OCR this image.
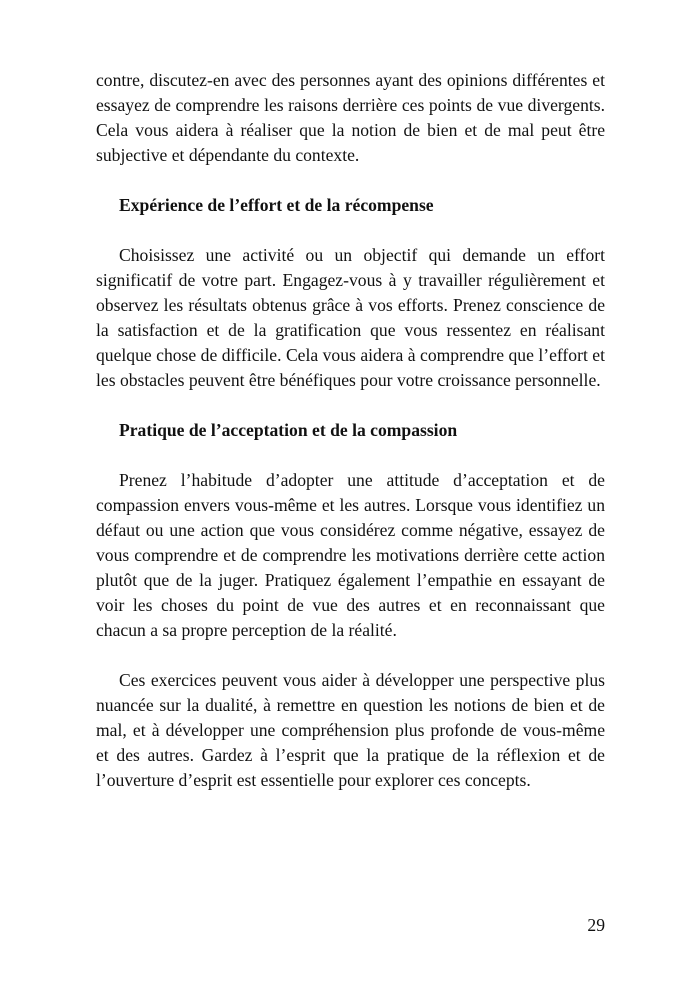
contre, discutez-en avec des personnes ayant des opinions différentes et essayez de comprendre les raisons derrière ces points de vue divergents. Cela vous aidera à réaliser que la notion de bien et de mal peut être subjective et dépendante du contexte.

Expérience de l’effort et de la récompense

Choisissez une activité ou un objectif qui demande un effort significatif de votre part. Engagez-vous à y travailler régulièrement et observez les résultats obtenus grâce à vos efforts. Prenez conscience de la satisfaction et de la gratification que vous ressentez en réalisant quelque chose de difficile. Cela vous aidera à comprendre que l’effort et les obstacles peuvent être bénéfiques pour votre croissance personnelle.

Pratique de l’acceptation et de la compassion

Prenez l’habitude d’adopter une attitude d’acceptation et de compassion envers vous-même et les autres. Lorsque vous identifiez un défaut ou une action que vous considérez comme négative, essayez de vous comprendre et de comprendre les motivations derrière cette action plutôt que de la juger. Pratiquez également l’empathie en essayant de voir les choses du point de vue des autres et en reconnaissant que chacun a sa propre perception de la réalité.

Ces exercices peuvent vous aider à développer une perspective plus nuancée sur la dualité, à remettre en question les notions de bien et de mal, et à développer une compréhension plus profonde de vous-même et des autres. Gardez à l’esprit que la pratique de la réflexion et de l’ouverture d’esprit est essentielle pour explorer ces concepts.

29
